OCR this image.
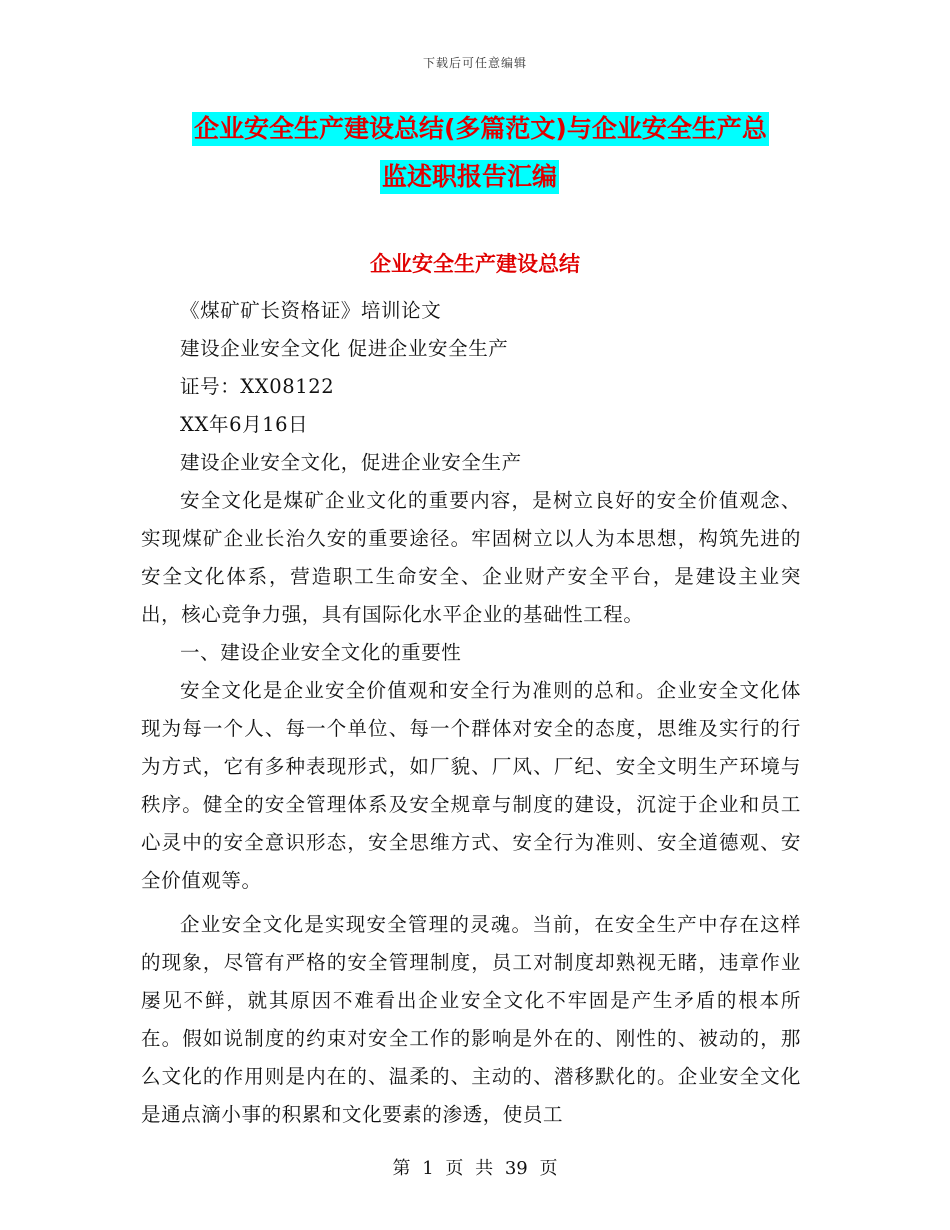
下载后可任意编辑
企业安全生产建设总结(多篇范文)与企业安全生产总
监述职报告汇编
企业安全生产建设总结

《煤矿矿长资格证》培训论文

建设企业安全文化 促进企业安全生产

证号：XX08122

XX年6月16日

建设企业安全文化，促进企业安全生产

安全文化是煤矿企业文化的重要内容，是树立良好的安全价值观念、实现煤矿企业长治久安的重要途径。牢固树立以人为本思想，构筑先进的安全文化体系，营造职工生命安全、企业财产安全平台，是建设主业突出，核心竞争力强，具有国际化水平企业的基础性工程。

一、建设企业安全文化的重要性

安全文化是企业安全价值观和安全行为准则的总和。企业安全文化体现为每一个人、每一个单位、每一个群体对安全的态度，思维及实行的行为方式，它有多种表现形式，如厂貌、厂风、厂纪、安全文明生产环境与秩序。健全的安全管理体系及安全规章与制度的建设，沉淀于企业和员工心灵中的安全意识形态，安全思维方式、安全行为准则、安全道德观、安全价值观等。

企业安全文化是实现安全管理的灵魂。当前，在安全生产中存在这样的现象，尽管有严格的安全管理制度，员工对制度却熟视无睹，违章作业屡见不鲜，就其原因不难看出企业安全文化不牢固是产生矛盾的根本所在。假如说制度的约束对安全工作的影响是外在的、刚性的、被动的，那么文化的作用则是内在的、温柔的、主动的、潜移默化的。企业安全文化是通点滴小事的积累和文化要素的渗透，使员工

第 1 页 共 39 页
